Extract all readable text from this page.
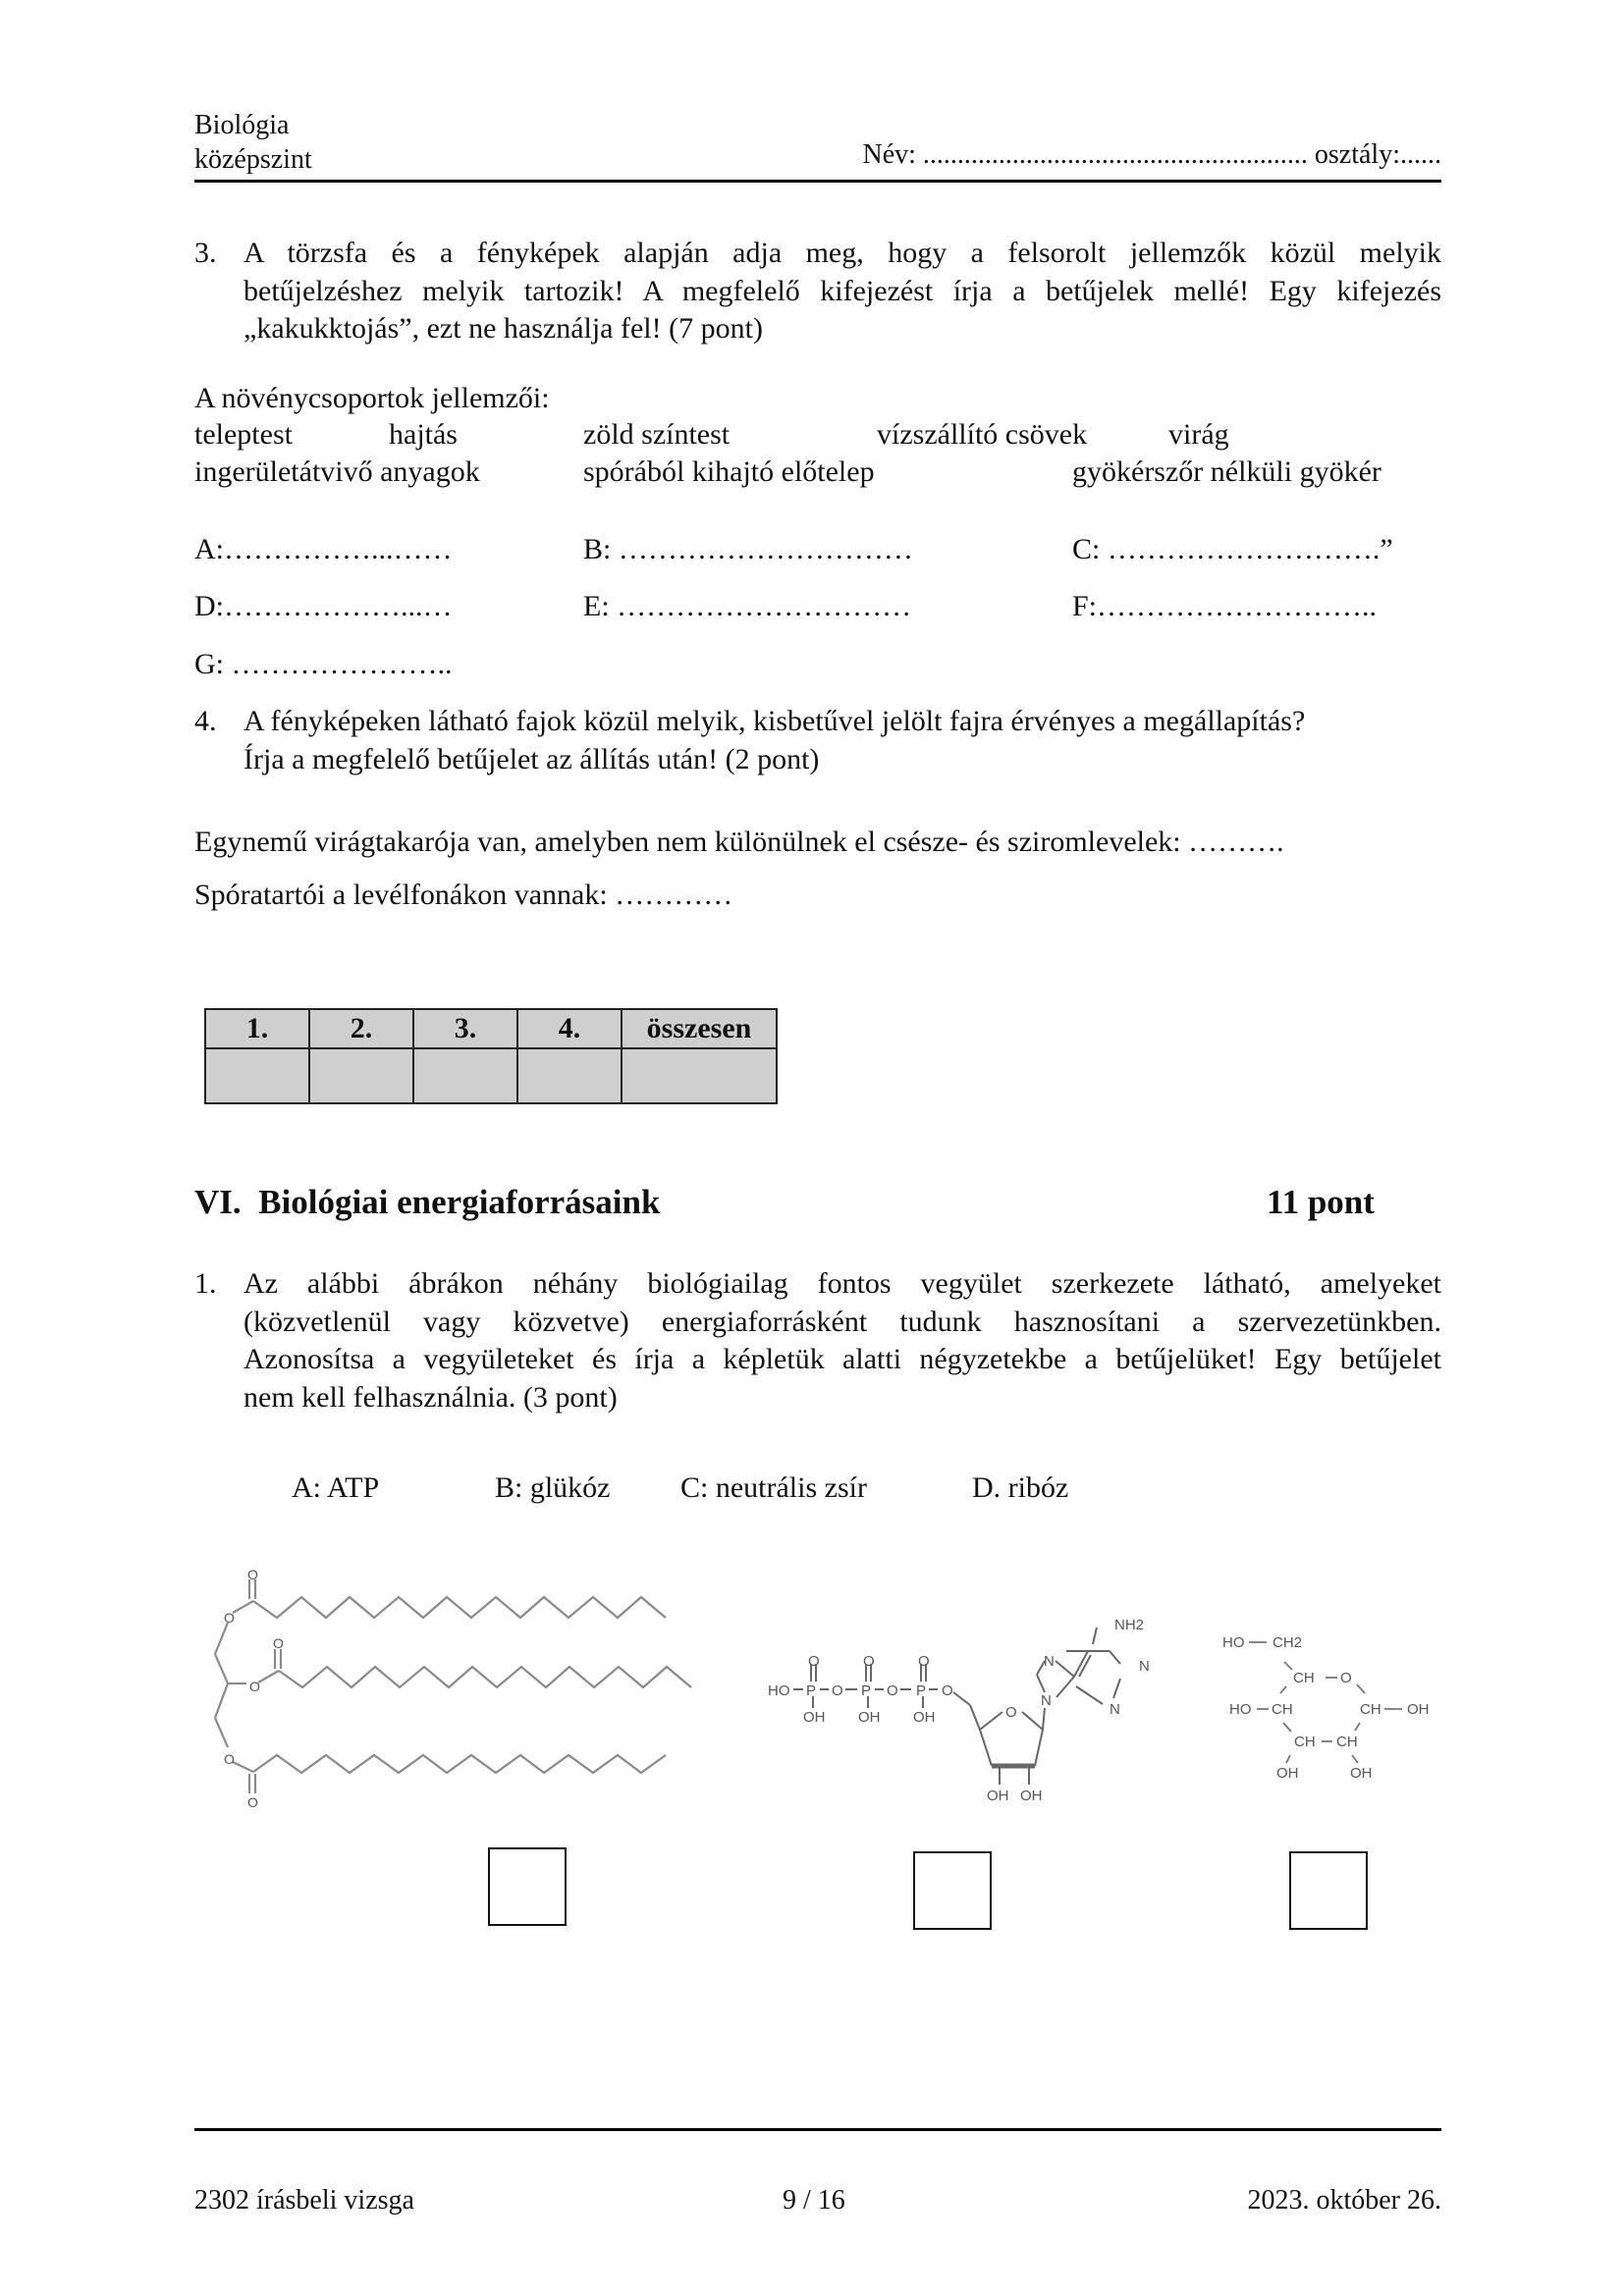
Biológia
középszint	Név: ........................................................ osztály:......
3. A törzsfa és a fényképek alapján adja meg, hogy a felsorolt jellemzők közül melyik
betűjelzéshez melyik tartozik! A megfelelő kifejezést írja a betűjelek mellé! Egy kifejezés
„kakukktojás”, ezt ne használja fel! (7 pont)
A növénycsoportok jellemzői:
teleptest	hajtás	zöld színtest	vízszállító csövek	virág
ingerületátvivő anyagok	spórából kihajtó előtelep	gyökérszőr nélküli gyökér
A:……………...……	B: …………………………	C: ……………………….”
D:………………...…	E: …………………………	F:………………………..
G: …………………..
4. A fényképeken látható fajok közül melyik, kisbetűvel jelölt fajra érvényes a megállapítás?
Írja a megfelelő betűjelet az állítás után! (2 pont)
Egynemű virágtakarója van, amelyben nem különülnek el csésze- és sziromlevelek: ……….
Spóratartói a levélfonákon vannak: …………
1.	2.	3.	4.	összesen

VI.  Biológiai energiaforrásaink	11 pont
1. Az alábbi ábrákon néhány biológiailag fontos vegyület szerkezete látható, amelyeket
(közvetlenül vagy közvetve) energiaforrásként tudunk hasznosítani a szervezetünkben.
Azonosítsa a vegyületeket és írja a képletük alatti négyzetekbe a betűjelüket! Egy betűjelet
nem kell felhasználnia. (3 pont)
A: ATP	B: glükóz C: neutrális zsír	D. ribóz
O
O
O
O
O
O
HO P O P O P O
OH OH OH
O	O	O
NH2
N	N
N
N
O
OH OH
HO CH2
CH O
HO CH	CH OH
CH CH
OH	OH
2302 írásbeli vizsga	9 / 16	2023. október 26.
